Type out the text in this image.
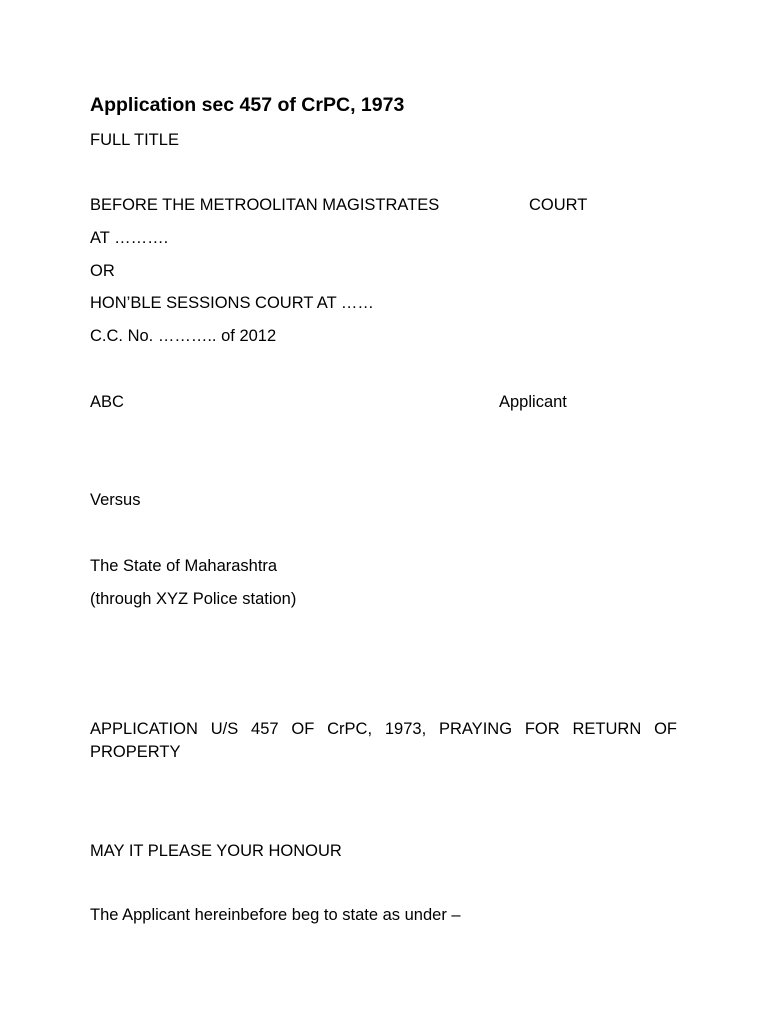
Application sec 457 of CrPC, 1973
FULL TITLE
BEFORE THE METROOLITAN MAGISTRATES	COURT
AT ……….
OR
HON’BLE SESSIONS COURT AT ……
C.C. No. ……….. of 2012
ABC	Applicant
Versus
The State of Maharashtra
(through XYZ Police station)
APPLICATION U/S 457 OF CrPC, 1973, PRAYING FOR RETURN OF
PROPERTY
MAY IT PLEASE YOUR HONOUR
The Applicant hereinbefore beg to state as under –
